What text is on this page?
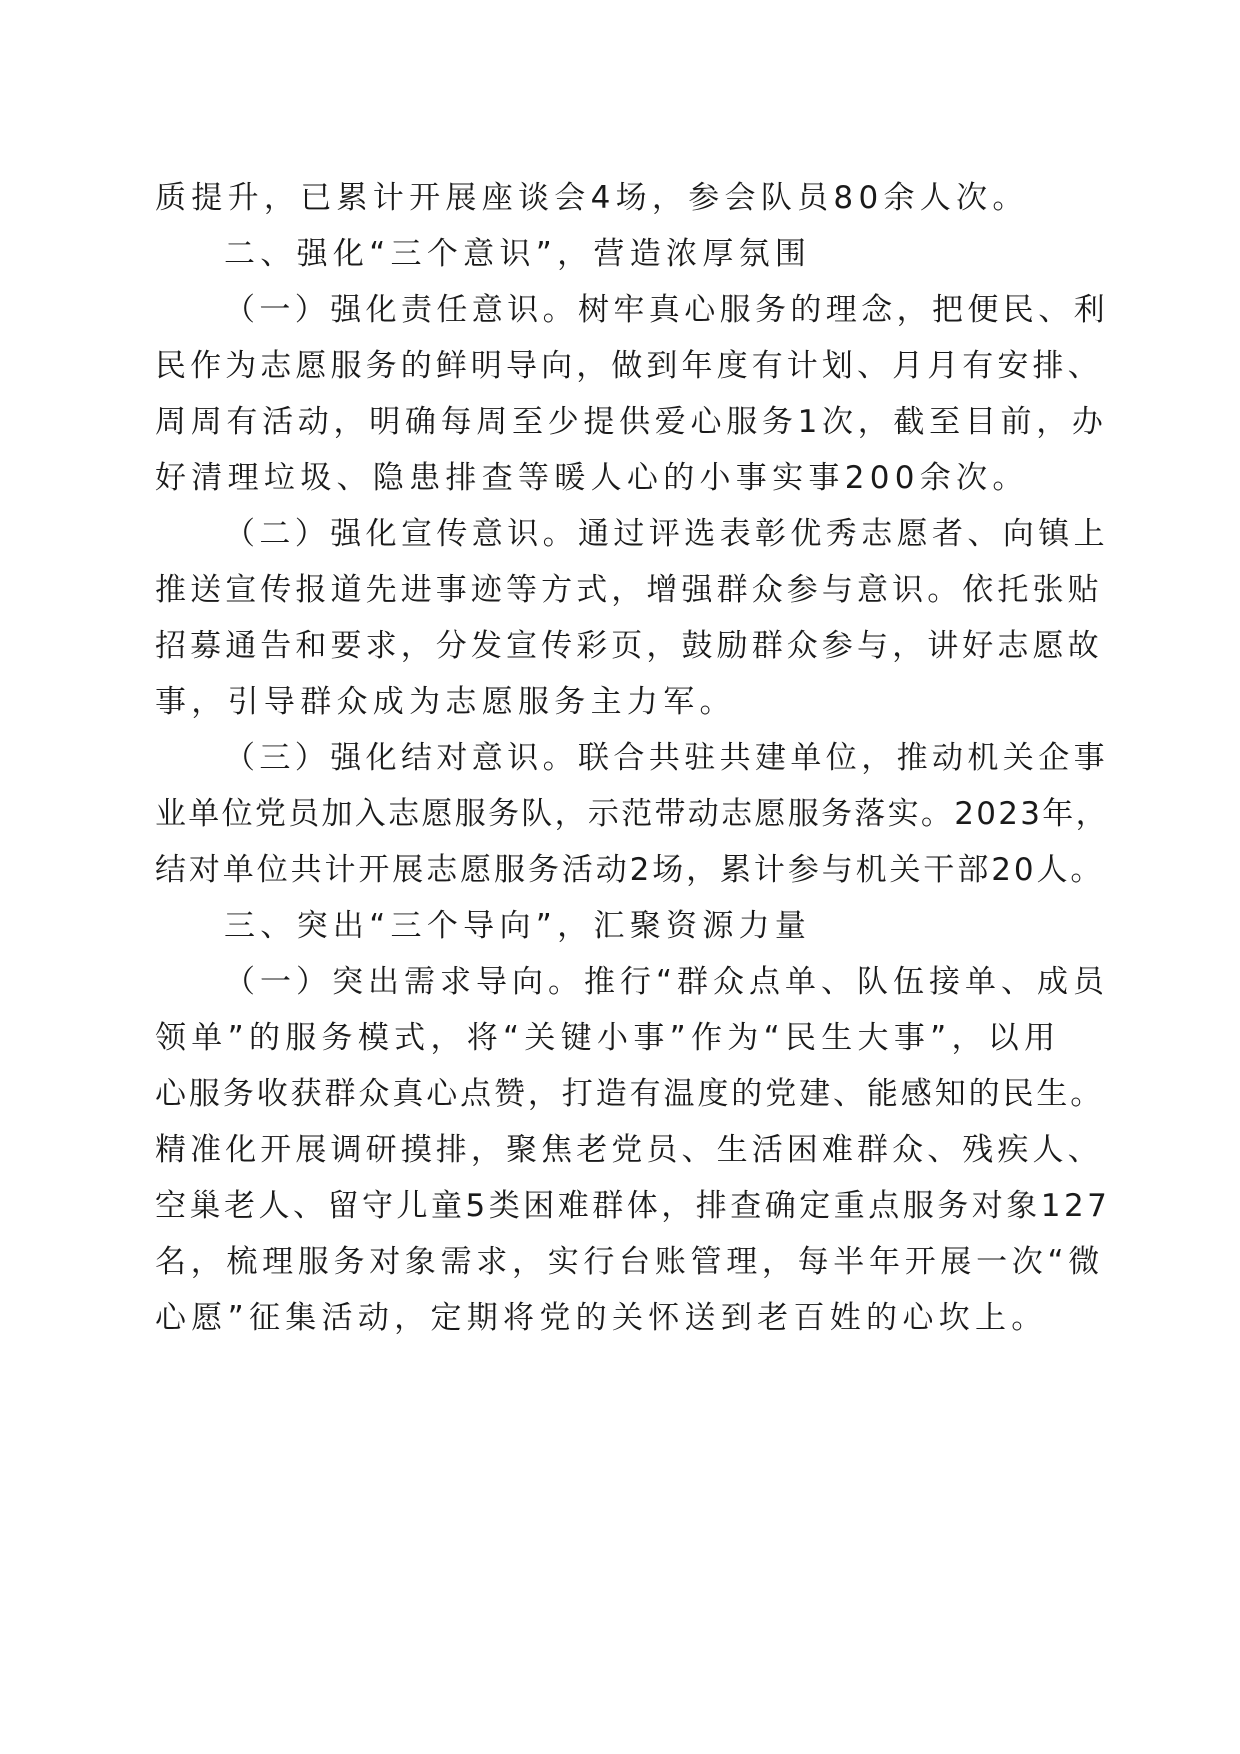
质提升，已累计开展座谈会4场，参会队员80余人次。
二、强化“三个意识”，营造浓厚氛围
（一）强化责任意识。树牢真心服务的理念，把便民、利
民作为志愿服务的鲜明导向，做到年度有计划、月月有安排、
周周有活动，明确每周至少提供爱心服务1次，截至目前，办
好清理垃圾、隐患排查等暖人心的小事实事200余次。
（二）强化宣传意识。通过评选表彰优秀志愿者、向镇上
推送宣传报道先进事迹等方式，增强群众参与意识。依托张贴
招募通告和要求，分发宣传彩页，鼓励群众参与，讲好志愿故
事，引导群众成为志愿服务主力军。
（三）强化结对意识。联合共驻共建单位，推动机关企事
业单位党员加入志愿服务队，示范带动志愿服务落实。2023年，
结对单位共计开展志愿服务活动2场，累计参与机关干部20人。
三、突出“三个导向”，汇聚资源力量
（一）突出需求导向。推行“群众点单、队伍接单、成员
领单”的服务模式，将“关键小事”作为“民生大事”，以用
心服务收获群众真心点赞，打造有温度的党建、能感知的民生。
精准化开展调研摸排，聚焦老党员、生活困难群众、残疾人、
空巢老人、留守儿童5类困难群体，排查确定重点服务对象127
名，梳理服务对象需求，实行台账管理，每半年开展一次“微
心愿”征集活动，定期将党的关怀送到老百姓的心坎上。
